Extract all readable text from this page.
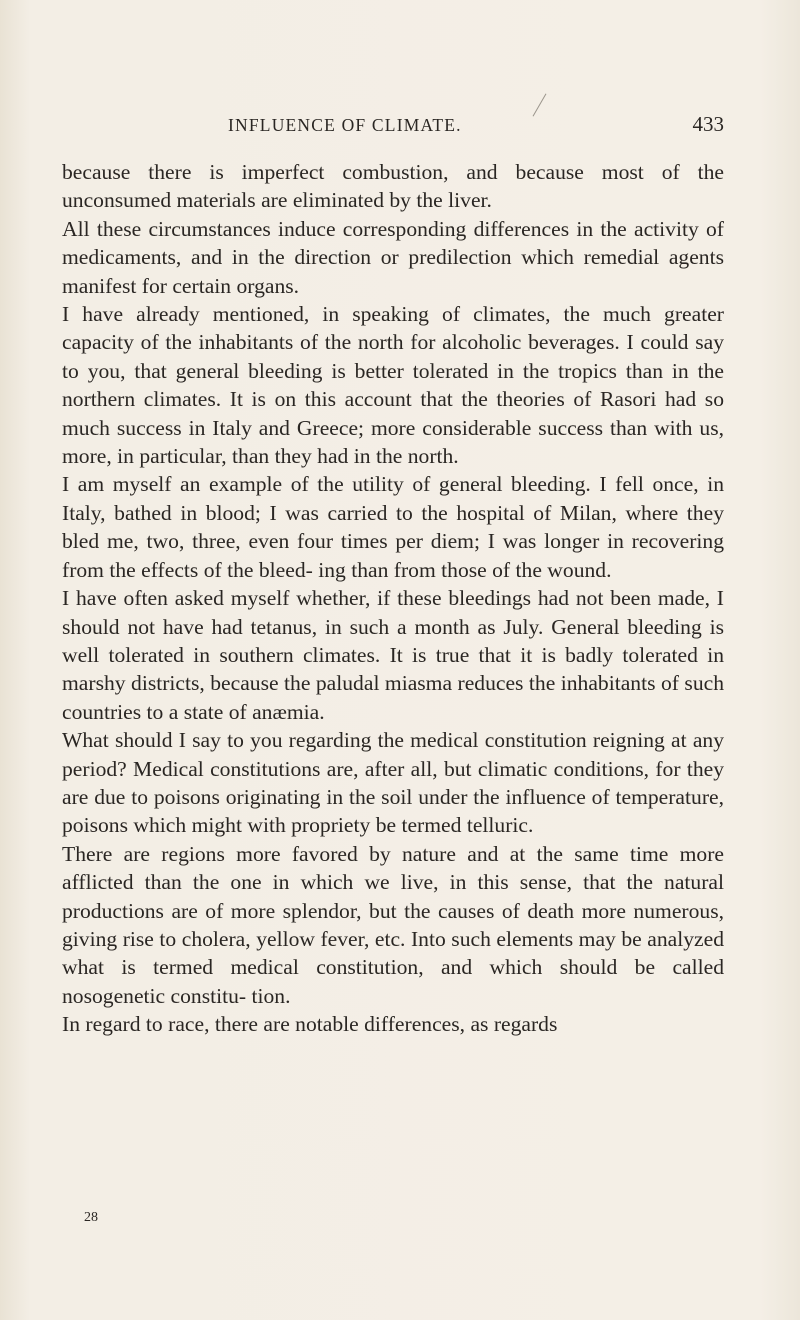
INFLUENCE OF CLIMATE.	433

because there is imperfect combustion, and because most of the unconsumed materials are eliminated by the liver.

All these circumstances induce corresponding differences in the activity of medicaments, and in the direction or predilection which remedial agents manifest for certain organs.

I have already mentioned, in speaking of climates, the much greater capacity of the inhabitants of the north for alcoholic beverages. I could say to you, that general bleeding is better tolerated in the tropics than in the northern climates. It is on this account that the theories of Rasori had so much success in Italy and Greece; more considerable success than with us, more, in particular, than they had in the north.

I am myself an example of the utility of general bleeding. I fell once, in Italy, bathed in blood; I was carried to the hospital of Milan, where they bled me, two, three, even four times per diem; I was longer in recovering from the effects of the bleed- ing than from those of the wound.

I have often asked myself whether, if these bleedings had not been made, I should not have had tetanus, in such a month as July. General bleeding is well tolerated in southern climates. It is true that it is badly tolerated in marshy districts, because the paludal miasma reduces the inhabitants of such countries to a state of anæmia.

What should I say to you regarding the medical constitution reigning at any period? Medical constitutions are, after all, but climatic conditions, for they are due to poisons originating in the soil under the influence of temperature, poisons which might with propriety be termed telluric.

There are regions more favored by nature and at the same time more afflicted than the one in which we live, in this sense, that the natural productions are of more splendor, but the causes of death more numerous, giving rise to cholera, yellow fever, etc. Into such elements may be analyzed what is termed medical constitution, and which should be called nosogenetic constitu- tion.

In regard to race, there are notable differences, as regards

28
